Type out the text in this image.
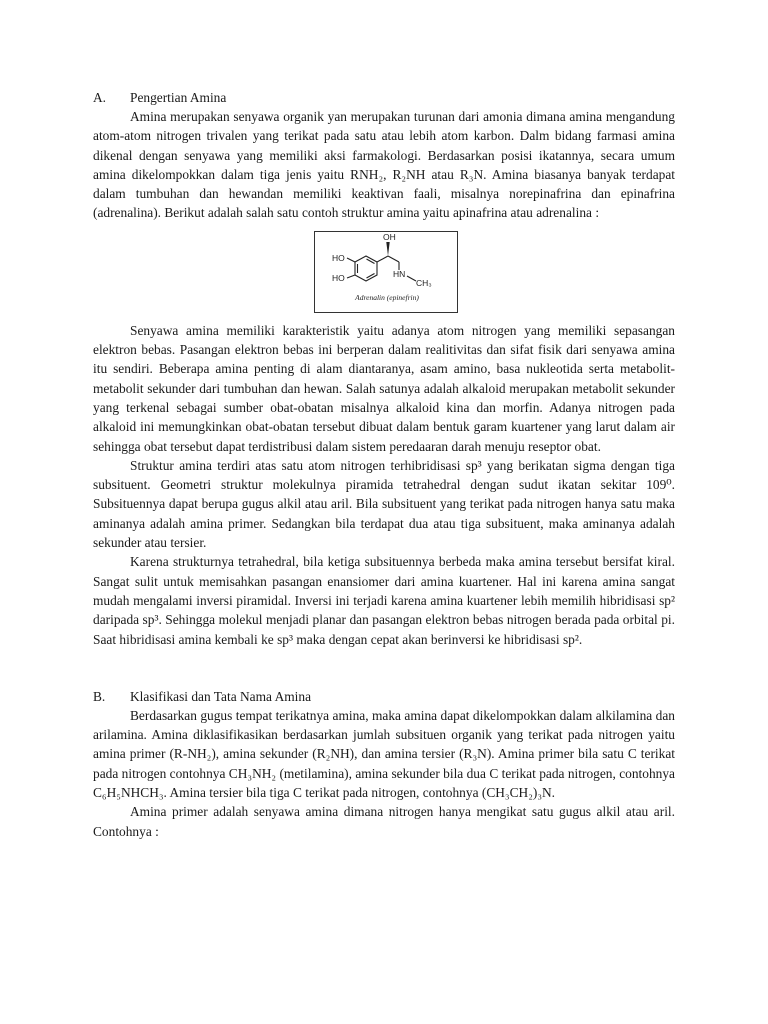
A. Pengertian Amina

Amina merupakan senyawa organik yan merupakan turunan dari amonia dimana amina mengandung atom-atom nitrogen trivalen yang terikat pada satu atau lebih atom karbon. Dalm bidang farmasi amina dikenal dengan senyawa yang memiliki aksi farmakologi. Berdasarkan posisi ikatannya, secara umum amina dikelompokkan dalam tiga jenis yaitu RNH₂, R₂NH atau R₃N. Amina biasanya banyak terdapat dalam tumbuhan dan hewandan memiliki keaktivan faali, misalnya norepinafrina dan epinafrina (adrenalina). Berikut adalah salah satu contoh struktur amina yaitu apinafrina atau adrenalina :

OH
HO
HO	HN
CH₃
Adrenalin (epinefrin)

Senyawa amina memiliki karakteristik yaitu adanya atom nitrogen yang memiliki sepasangan elektron bebas. Pasangan elektron bebas ini berperan dalam realitivitas dan sifat fisik dari senyawa amina itu sendiri. Beberapa amina penting di alam diantaranya, asam amino, basa nukleotida serta metabolit-metabolit sekunder dari tumbuhan dan hewan. Salah satunya adalah alkaloid merupakan metabolit sekunder yang terkenal sebagai sumber obat-obatan misalnya alkaloid kina dan morfin. Adanya nitrogen pada alkaloid ini memungkinkan obat-obatan tersebut dibuat dalam bentuk garam kuartener yang larut dalam air sehingga obat tersebut dapat terdistribusi dalam sistem peredaaran darah menuju reseptor obat.

Struktur amina terdiri atas satu atom nitrogen terhibridisasi sp³ yang berikatan sigma dengan tiga subsituent. Geometri struktur molekulnya piramida tetrahedral dengan sudut ikatan sekitar 109⁰. Subsituennya dapat berupa gugus alkil atau aril. Bila subsituent yang terikat pada nitrogen hanya satu maka aminanya adalah amina primer. Sedangkan bila terdapat dua atau tiga subsituent, maka aminanya adalah sekunder atau tersier.

Karena strukturnya tetrahedral, bila ketiga subsituennya berbeda maka amina tersebut bersifat kiral. Sangat sulit untuk memisahkan pasangan enansiomer dari amina kuartener. Hal ini karena amina sangat mudah mengalami inversi piramidal. Inversi ini terjadi karena amina kuartener lebih memilih hibridisasi sp² daripada sp³. Sehingga molekul menjadi planar dan pasangan elektron bebas nitrogen berada pada orbital pi. Saat hibridisasi amina kembali ke sp³ maka dengan cepat akan berinversi ke hibridisasi sp².

B. Klasifikasi dan Tata Nama Amina

Berdasarkan gugus tempat terikatnya amina, maka amina dapat dikelompokkan dalam alkilamina dan arilamina. Amina diklasifikasikan berdasarkan jumlah subsituen organik yang terikat pada nitrogen yaitu amina primer (R-NH₂), amina sekunder (R₂NH), dan amina tersier (R₃N). Amina primer bila satu C terikat pada nitrogen contohnya CH₃NH₂ (metilamina), amina sekunder bila dua C terikat pada nitrogen, contohnya C₆H₅NHCH₃. Amina tersier bila tiga C terikat pada nitrogen, contohnya (CH₃CH₂)₃N.

Amina primer adalah senyawa amina dimana nitrogen hanya mengikat satu gugus alkil atau aril. Contohnya :
